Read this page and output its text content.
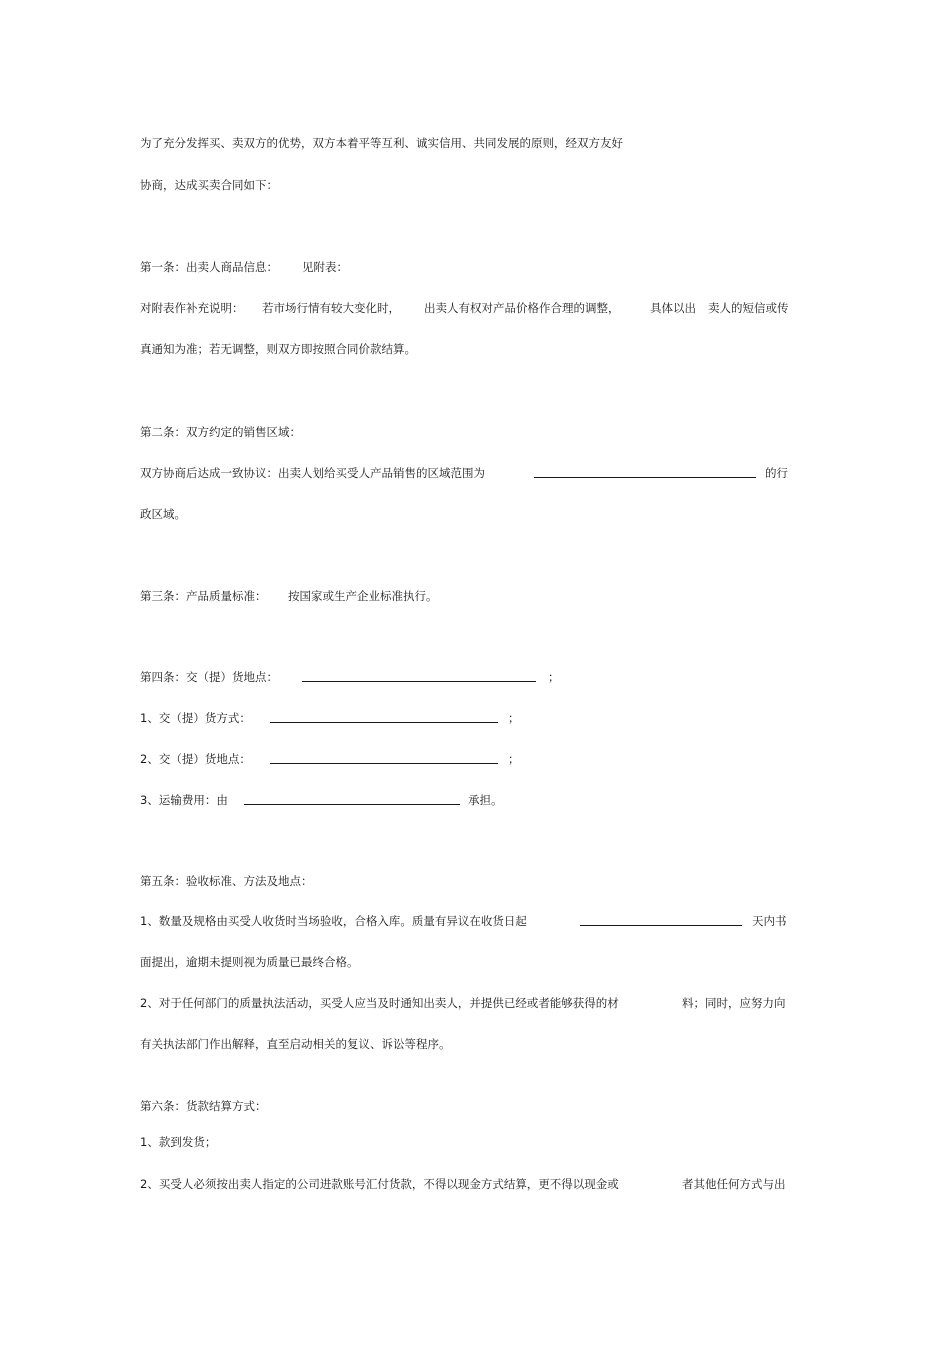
为了充分发挥买、卖双方的优势，双方本着平等互利、诚实信用、共同发展的原则，经双方友好
协商，达成买卖合同如下：
第一条：出卖人商品信息： 见附表：
对附表作补充说明： 若市场行情有较大变化时， 出卖人有权对产品价格作合理的调整，	具体以出 卖人的短信或传
真通知为准；若无调整，则双方即按照合同价款结算。
第二条：双方约定的销售区域：
双方协商后达成一致协议：出卖人划给买受人产品销售的区域范围为	的行
政区域。
第三条：产品质量标准： 按国家或生产企业标准执行。
第四条：交（提）货地点：	；
1、交（提）货方式：	；
2、交（提）货地点：	；
3、运输费用：由	承担。
第五条：验收标准、方法及地点：
1、数量及规格由买受人收货时当场验收，合格入库。质量有异议在收货日起	天内书
面提出，逾期未提则视为质量已最终合格。
2、对于任何部门的质量执法活动，买受人应当及时通知出卖人，并提供已经或者能够获得的材	料；同时，应努力向
有关执法部门作出解释，直至启动相关的复议、诉讼等程序。
第六条：货款结算方式：
1、款到发货；
2、买受人必须按出卖人指定的公司进款账号汇付货款，不得以现金方式结算，更不得以现金或	者其他任何方式与出
